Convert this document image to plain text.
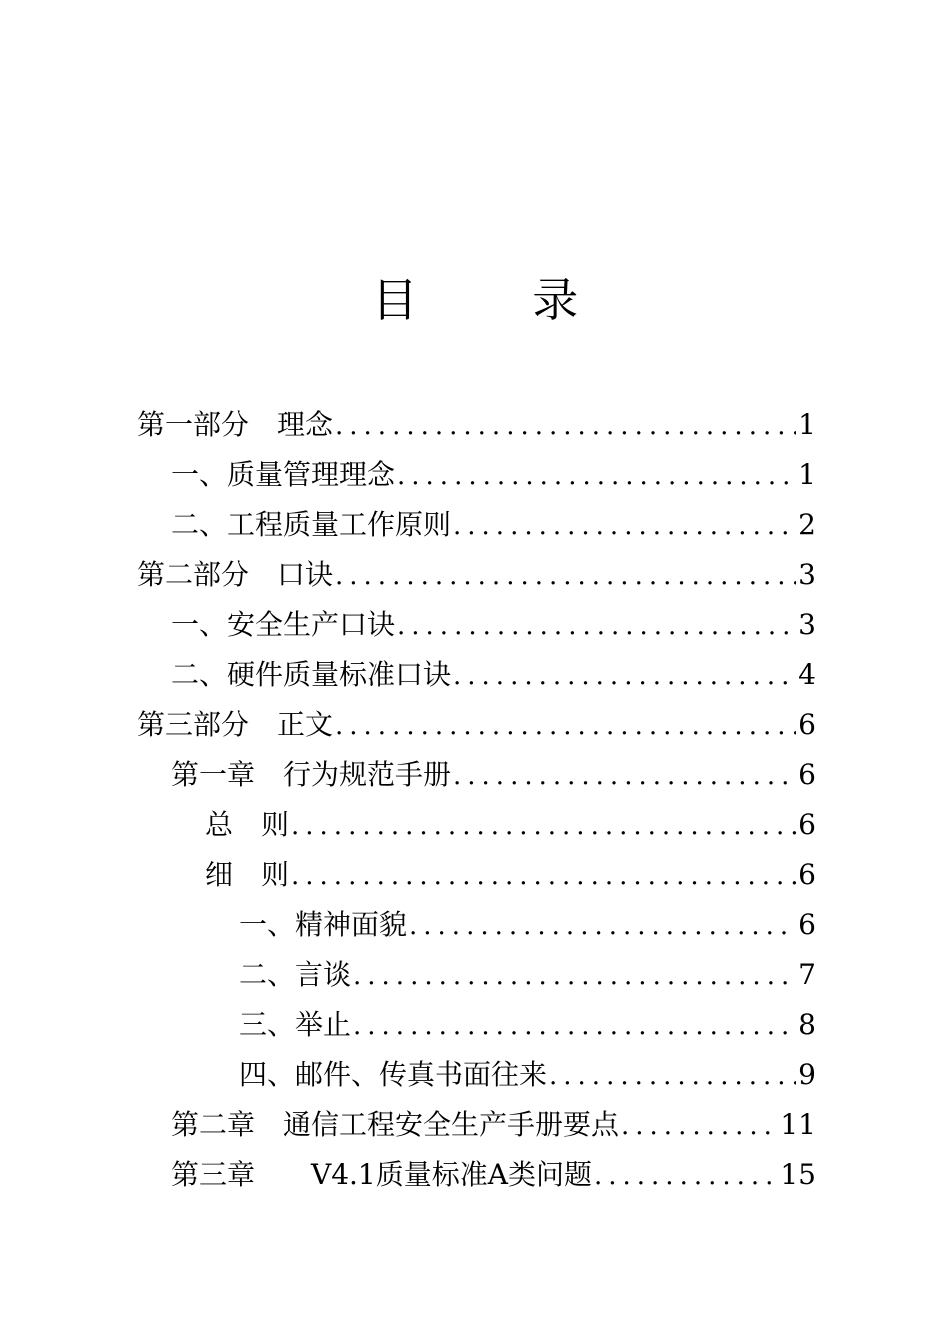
目 录
第一部分　理念 .....	1
一、质量管理理念 .....	1
二、工程质量工作原则 .....	2
第二部分　口诀 .....	3
一、安全生产口诀 .....	3
二、硬件质量标准口诀 .....	4
第三部分　正文 .....	6
第一章　行为规范手册 .....	6
总　则 .....	6
细　则 .....	6
一、精神面貌 .....	6
二、言谈 .....	7
三、举止 .....	8
四、邮件、传真书面往来 .....	9
第二章　通信工程安全生产手册要点 .....	11
第三章　　V4.1质量标准A类问题 .....	15
